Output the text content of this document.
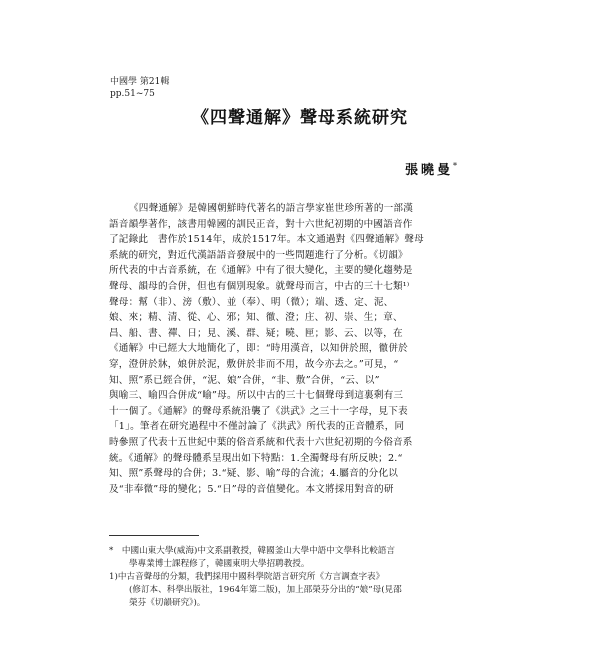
中國學 第21輯
pp.51~75
《四聲通解》聲母系統研究
張曉曼*
《四聲通解》是韓國朝鮮時代著名的語言學家崔世珍所著的一部漢
語音韻學著作，該書用韓國的訓民正音，對十六世紀初期的中國語音作
了記錄此　書作於1514年，成於1517年。本文通過對《四聲通解》聲母
系統的研究，對近代漢語語音發展中的一些問題進行了分析。《切韻》
所代表的中古音系統，在《通解》中有了很大變化，主要的變化趨勢是
聲母、韻母的合併，但也有個別現象。就聲母而言，中古的三十七類¹⁾
聲母：幫（非）、滂（敷）、並（奉）、明（微）；端、透、定、泥、
娘、來；精、清、從、心、邪；知、徹、澄；庄、初、崇、生；章、
昌、船、書、禪、日；見、溪、群、疑；曉、匣；影、云、以等，在
《通解》中已經大大地簡化了，即：“時用漢音，以知併於照，徹併於
穿，澄併於牀，娘併於泥，敷併於非而不用，故今亦去之。”可見，“
知、照”系已經合併，“泥、娘”合併，“非、敷”合併，“云、以”
與喻三、喻四合併成“喻”母。所以中古的三十七個聲母到這裏剩有三
十一個了。《通解》的聲母系統沿襲了《洪武》之三十一字母，見下表
「1」。筆者在研究過程中不僅討論了《洪武》所代表的正音體系，同
時參照了代表十五世紀中葉的俗音系統和代表十六世紀初期的今俗音系
統。《通解》的聲母體系呈現出如下特點：1.全濁聲母有所反映；2.“
知、照”系聲母的合併；3.“疑、影、喻”母的合流；4.屬音的分化以
及“非奉微”母的變化；5.“日”母的音值變化。本文將採用對音的研
*　中國山東大學(威海)中文系副教授，韓國釜山大學中語中文學科比較語言
學專業博士課程修了，韓國東明大學招聘教授。
1)中古音聲母的分類，我們採用中國科學院語言研究所《方言調查字表》
(修訂本、科學出版社，1964年第二版)，加上邵榮芬分出的“娘”母(見邵
榮芬《切韻研究》)。
